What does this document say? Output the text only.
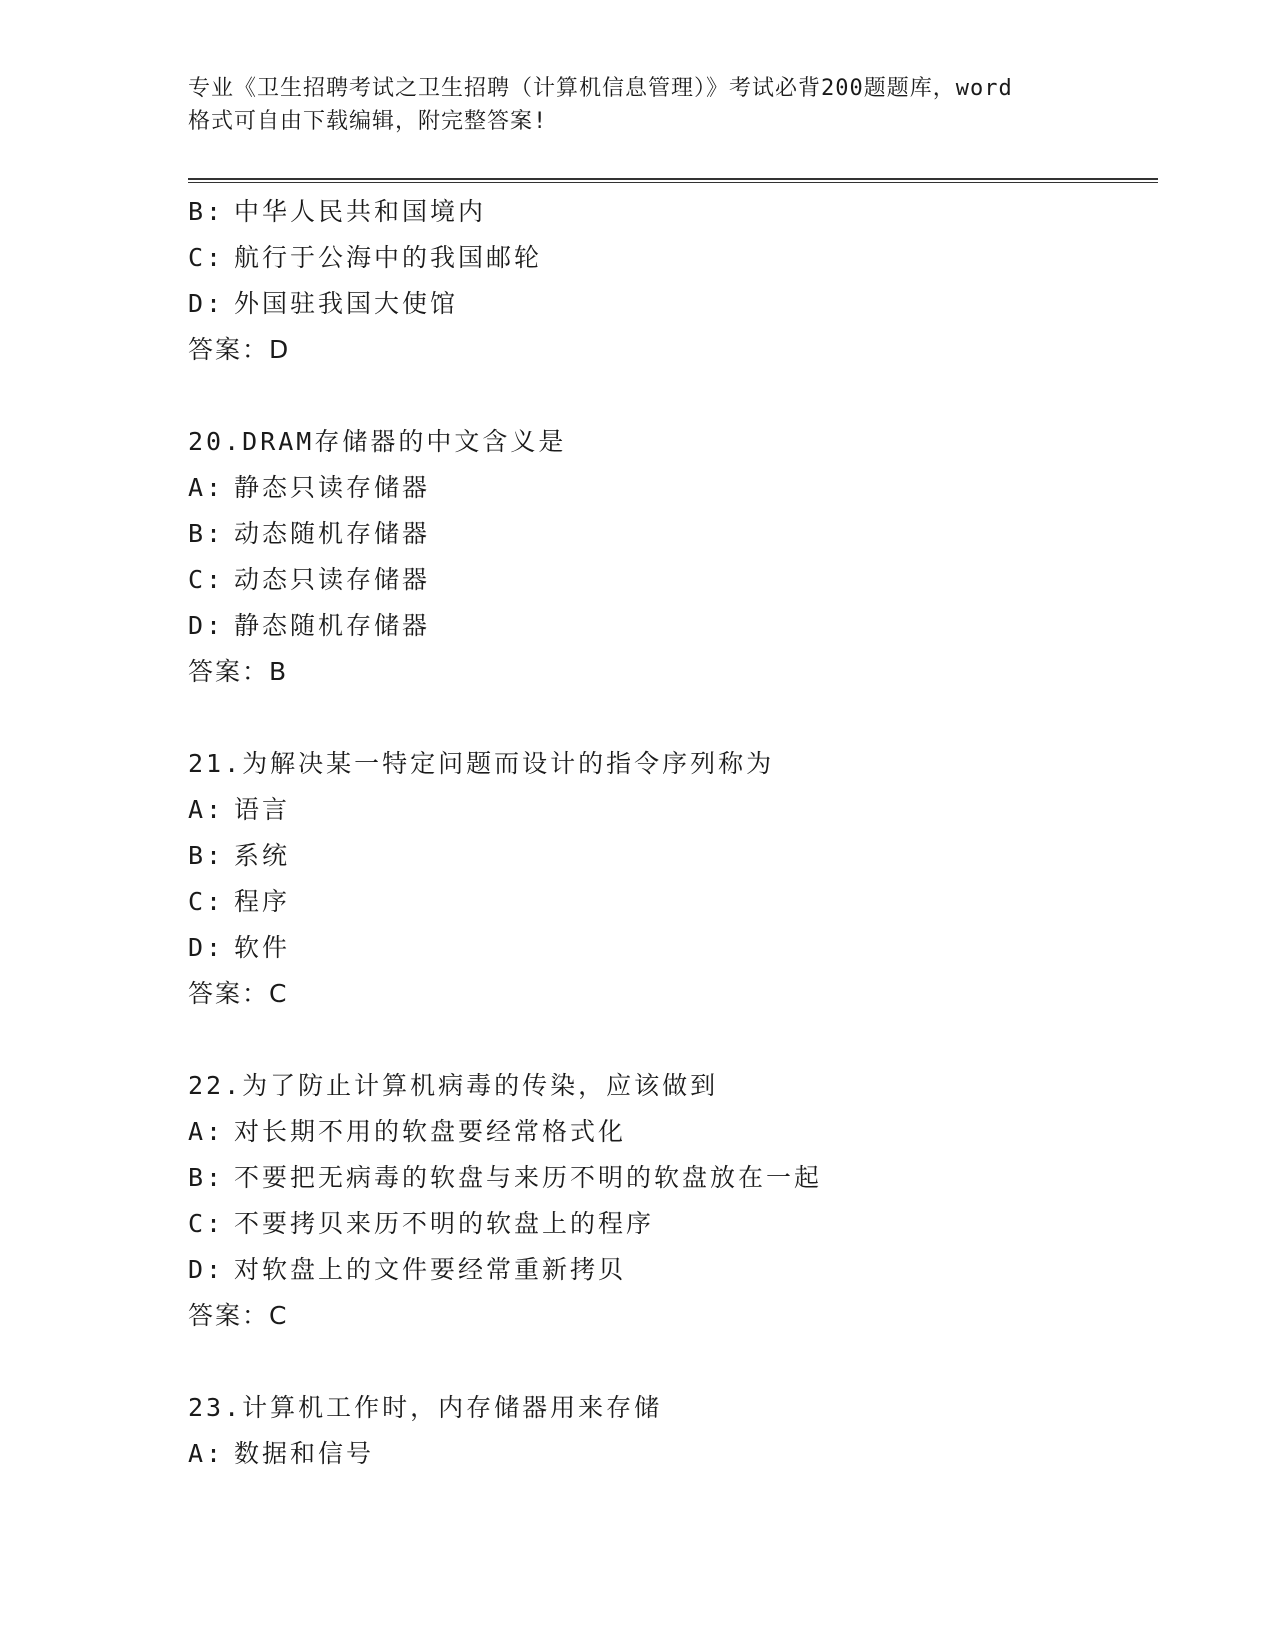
专业《卫生招聘考试之卫生招聘（计算机信息管理）》考试必背200题题库，word
格式可自由下载编辑，附完整答案!
B: 中华人民共和国境内
C: 航行于公海中的我国邮轮
D: 外国驻我国大使馆
答案：D
20.DRAM存储器的中文含义是
A: 静态只读存储器
B: 动态随机存储器
C: 动态只读存储器
D: 静态随机存储器
答案：B
21.为解决某一特定问题而设计的指令序列称为
A: 语言
B: 系统
C: 程序
D: 软件
答案：C
22.为了防止计算机病毒的传染，应该做到
A: 对长期不用的软盘要经常格式化
B: 不要把无病毒的软盘与来历不明的软盘放在一起
C: 不要拷贝来历不明的软盘上的程序
D: 对软盘上的文件要经常重新拷贝
答案：C
23.计算机工作时，内存储器用来存储
A: 数据和信号
